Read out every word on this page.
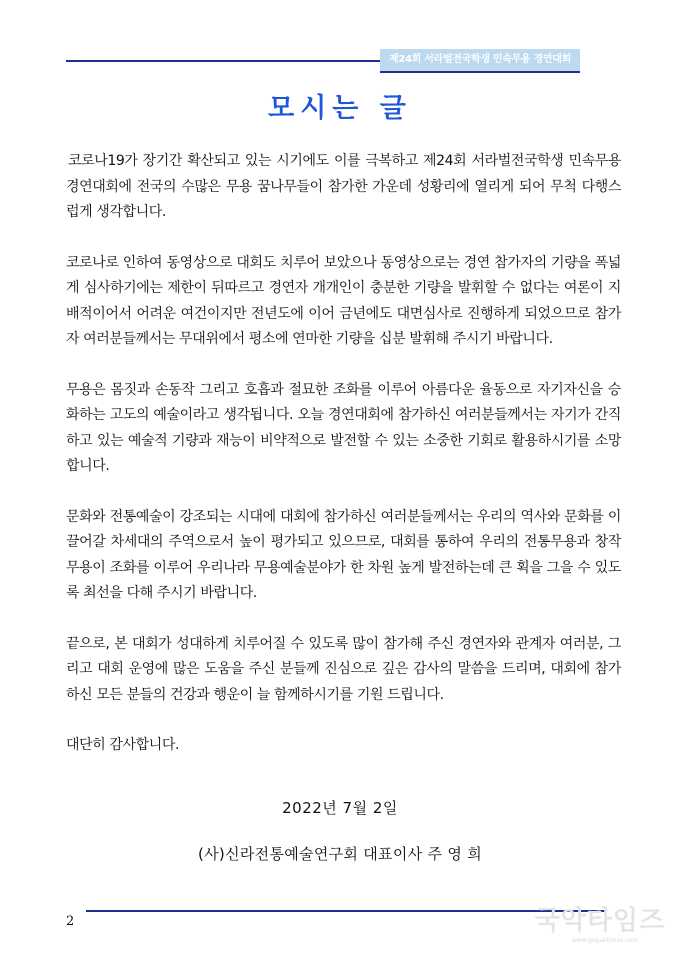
제24회 서라벌전국학생 민속무용 경연대회
모시는 글

코로나19가 장기간 확산되고 있는 시기에도 이를 극복하고 제24회 서라벌전국학생 민속무용 경연대회에 전국의 수많은 무용 꿈나무들이 참가한 가운데 성황리에 열리게 되어 무척 다행스럽게 생각합니다.

코로나로 인하여 동영상으로 대회도 치루어 보았으나 동영상으로는 경연 참가자의 기량을 폭넓게 심사하기에는 제한이 뒤따르고 경연자 개개인이 충분한 기량을 발휘할 수 없다는 여론이 지배적이어서 어려운 여건이지만 전년도에 이어 금년에도 대면심사로 진행하게 되었으므로 참가자 여러분들께서는 무대위에서 평소에 연마한 기량을 십분 발휘해 주시기 바랍니다.

무용은 몸짓과 손동작 그리고 호흡과 절묘한 조화를 이루어 아름다운 율동으로 자기자신을 승화하는 고도의 예술이라고 생각됩니다. 오늘 경연대회에 참가하신 여러분들께서는 자기가 간직하고 있는 예술적 기량과 재능이 비약적으로 발전할 수 있는 소중한 기회로 활용하시기를 소망합니다.

문화와 전통예술이 강조되는 시대에 대회에 참가하신 여러분들께서는 우리의 역사와 문화를 이끌어갈 차세대의 주역으로서 높이 평가되고 있으므로, 대회를 통하여 우리의 전통무용과 창작무용이 조화를 이루어 우리나라 무용예술분야가 한 차원 높게 발전하는데 큰 획을 그을 수 있도록 최선을 다해 주시기 바랍니다.

끝으로, 본 대회가 성대하게 치루어질 수 있도록 많이 참가해 주신 경연자와 관계자 여러분, 그리고 대회 운영에 많은 도움을 주신 분들께 진심으로 깊은 감사의 말씀을 드리며, 대회에 참가하신 모든 분들의 건강과 행운이 늘 함께하시기를 기원 드립니다.

대단히 감사합니다.

2022년 7월 2일
(사)신라전통예술연구회 대표이사 주 영 희
2	국악타임즈
www.gugaktimes.com
